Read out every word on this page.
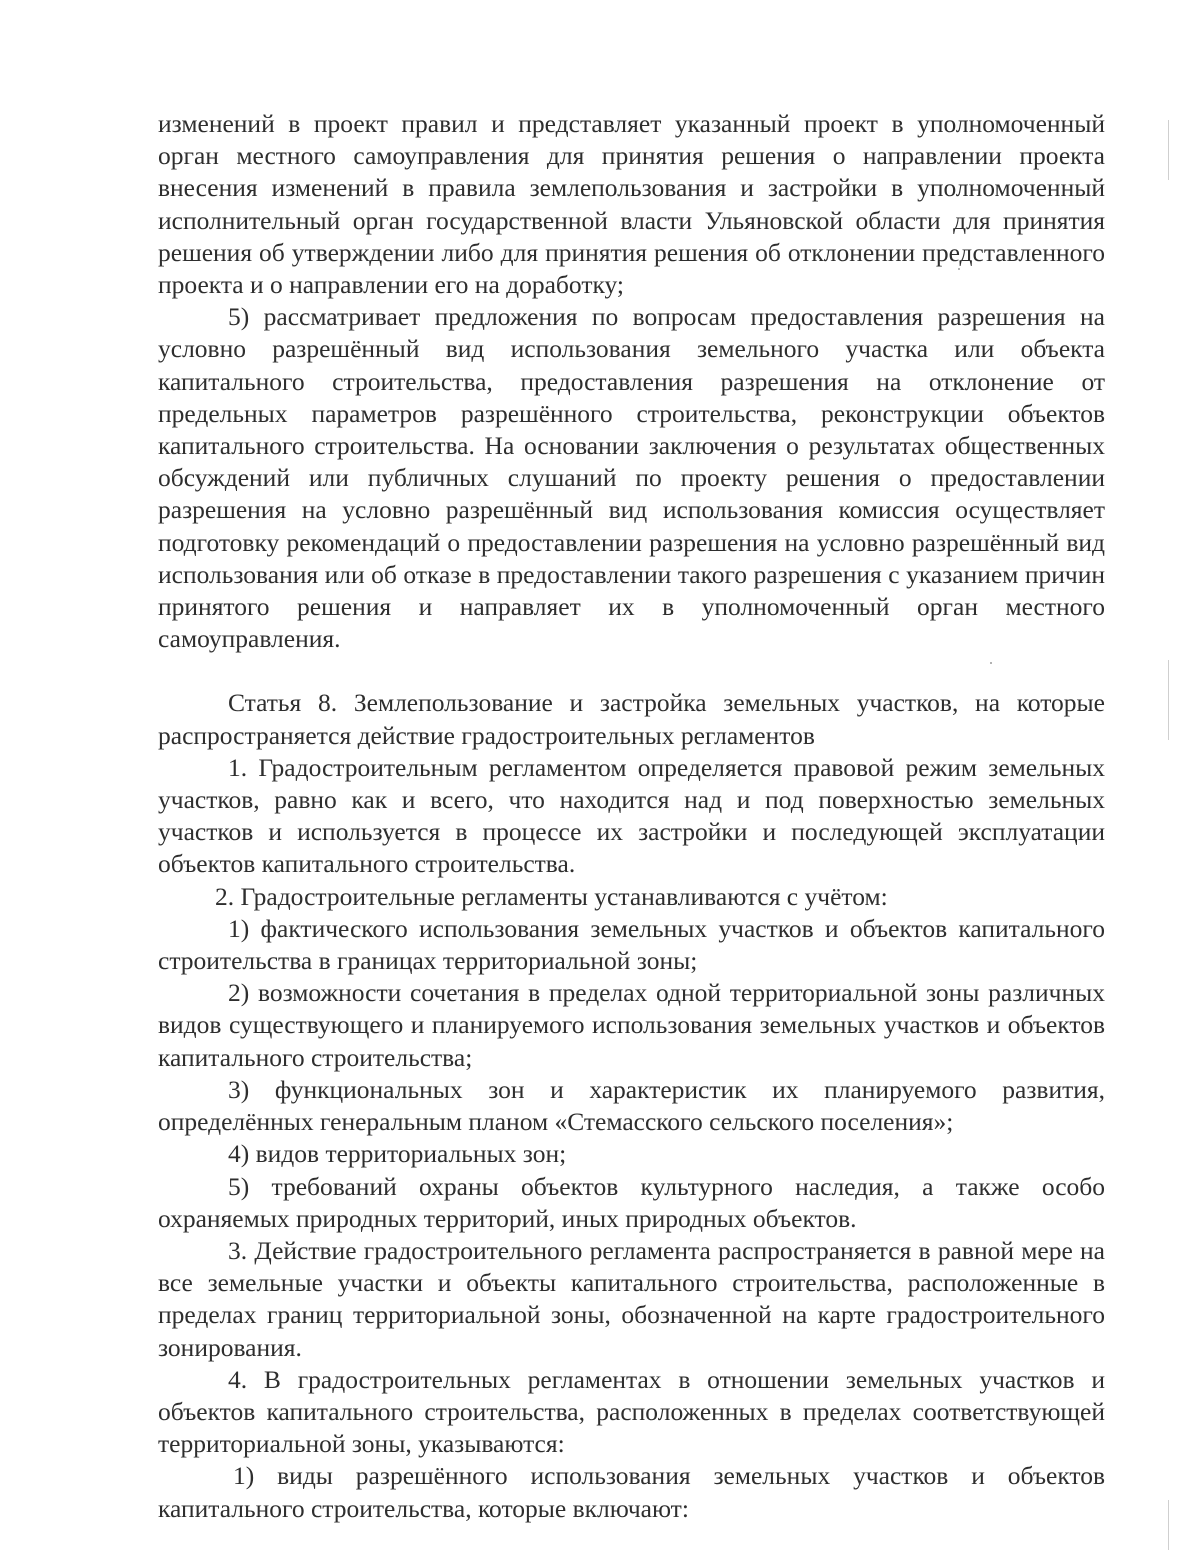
изменений в проект правил и представляет указанный проект в уполномоченный орган местного самоуправления для принятия решения о направлении проекта внесения изменений в правила землепользования и застройки в уполномоченный исполнительный орган государственной власти Ульяновской области для принятия решения об утверждении либо для принятия решения об отклонении представленного проекта и о направлении его на доработку;

5) рассматривает предложения по вопросам предоставления разрешения на условно разрешённый вид использования земельного участка или объекта капитального строительства, предоставления разрешения на отклонение от предельных параметров разрешённого строительства, реконструкции объектов капитального строительства. На основании заключения о результатах общественных обсуждений или публичных слушаний по проекту решения о предоставлении разрешения на условно разрешённый вид использования комиссия осуществляет подготовку рекомендаций о предоставлении разрешения на условно разрешённый вид использования или об отказе в предоставлении такого разрешения с указанием причин принятого решения и направляет их в уполномоченный орган местного самоуправления.

Статья 8. Землепользование и застройка земельных участков, на которые распространяется действие градостроительных регламентов

1. Градостроительным регламентом определяется правовой режим земельных участков, равно как и всего, что находится над и под поверхностью земельных участков и используется в процессе их застройки и последующей эксплуатации объектов капитального строительства.

2. Градостроительные регламенты устанавливаются с учётом:

1) фактического использования земельных участков и объектов капитального строительства в границах территориальной зоны;

2) возможности сочетания в пределах одной территориальной зоны различных видов существующего и планируемого использования земельных участков и объектов капитального строительства;

3) функциональных зон и характеристик их планируемого развития, определённых генеральным планом «Стемасского сельского поселения»;

4) видов территориальных зон;

5) требований охраны объектов культурного наследия, а также особо охраняемых природных территорий, иных природных объектов.

3. Действие градостроительного регламента распространяется в равной мере на все земельные участки и объекты капитального строительства, расположенные в пределах границ территориальной зоны, обозначенной на карте градостроительного зонирования.

4. В градостроительных регламентах в отношении земельных участков и объектов капитального строительства, расположенных в пределах соответствующей территориальной зоны, указываются:

1) виды разрешённого использования земельных участков и объектов капитального строительства, которые включают:
